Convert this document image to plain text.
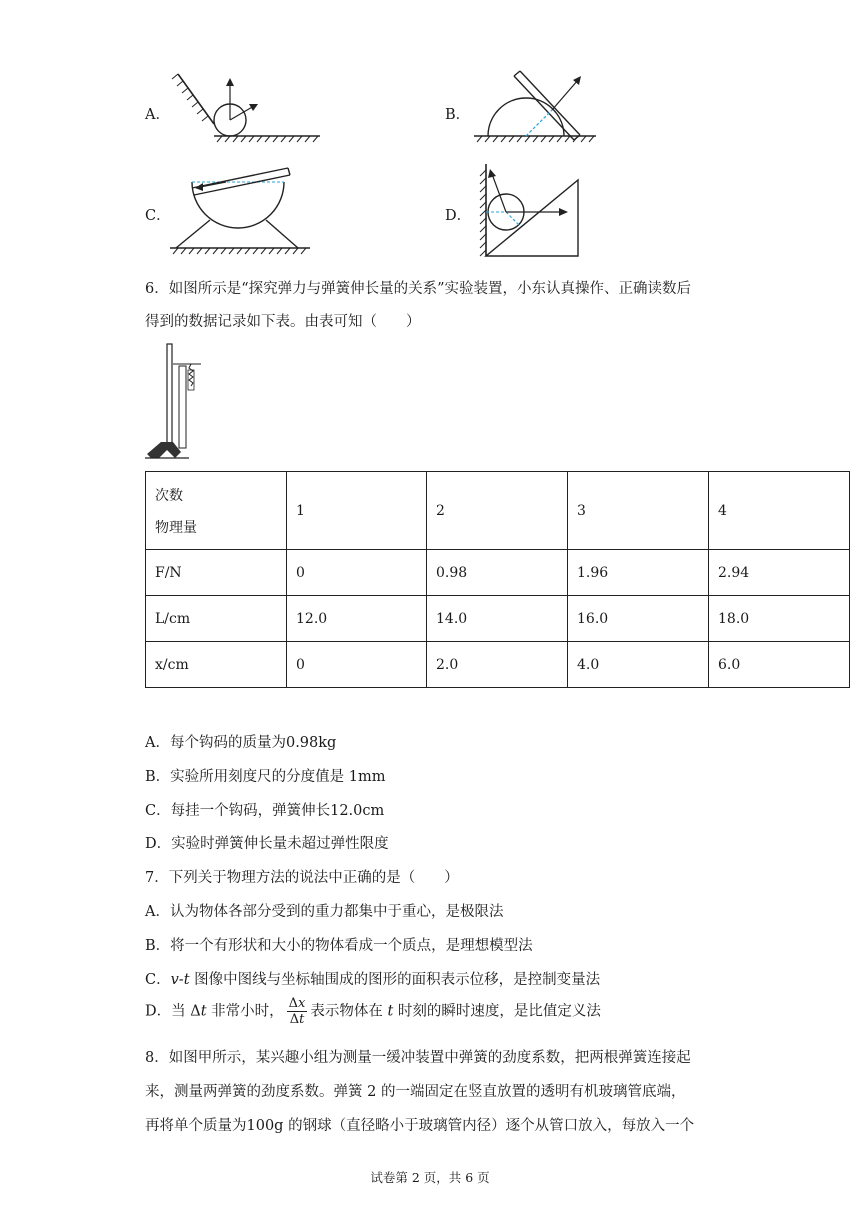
A．	B．
C．	D．
6．如图所示是“探究弹力与弹簧伸长量的关系”实验装置，小东认真操作、正确读数后
得到的数据记录如下表。由表可知（　　）
次数
物理量	1	2	3	4
F/N	0	0.98	1.96	2.94
L/cm	12.0	14.0	16.0	18.0
x/cm	0	2.0	4.0	6.0
A．每个钩码的质量为0.98kg
B．实验所用刻度尺的分度值是 1mm
C．每挂一个钩码，弹簧伸长12.0cm
D．实验时弹簧伸长量未超过弹性限度
7．下列关于物理方法的说法中正确的是（　　）
A．认为物体各部分受到的重力都集中于重心，是极限法
B．将一个有形状和大小的物体看成一个质点，是理想模型法
C．v-t 图像中图线与坐标轴围成的图形的面积表示位移，是控制变量法
D．当 Δt 非常小时， $\frac{\Delta x}{\Delta t}$ 表示物体在 t 时刻的瞬时速度，是比值定义法
8．如图甲所示，某兴趣小组为测量一缓冲装置中弹簧的劲度系数，把两根弹簧连接起
来，测量两弹簧的劲度系数。弹簧 2 的一端固定在竖直放置的透明有机玻璃管底端，
再将单个质量为100g 的钢球（直径略小于玻璃管内径）逐个从管口放入，每放入一个
试卷第 2 页，共 6 页
